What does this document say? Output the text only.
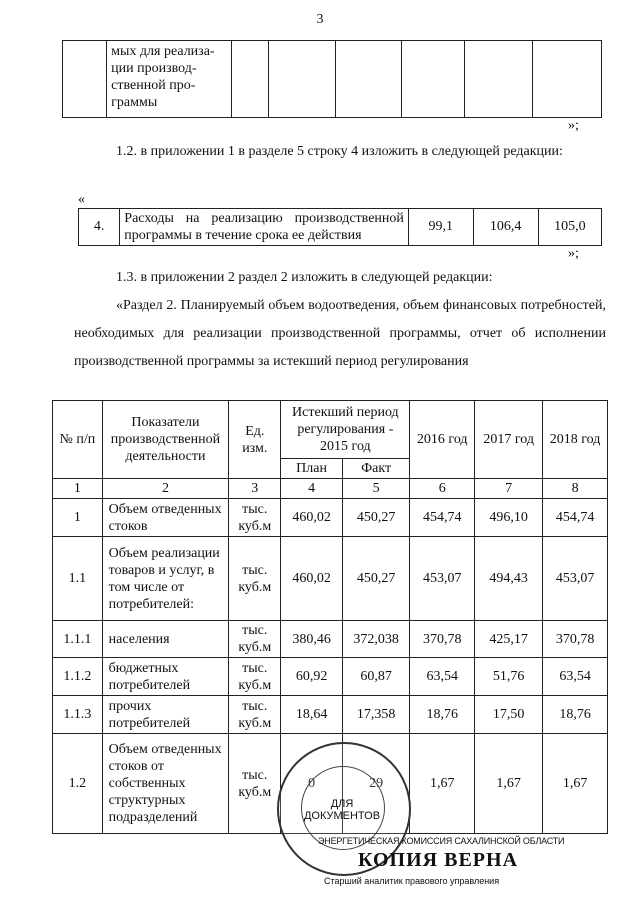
3
	мых для реализа-ции производ-ственной про-граммы						
»;

1.2. в приложении 1 в разделе 5 строку 4 изложить в следующей редакции:

«
4.	Расходы на реализацию производственной программы в течение срока ее действия	99,1	106,4	105,0
»;

1.3. в приложении 2 раздел 2 изложить в следующей редакции:

«Раздел 2. Планируемый объем водоотведения, объем финансовых потребностей, необходимых для реализации производственной программы, отчет об исполнении производственной программы за истекший период регулирования

№ п/п	Показатели производственной деятельности	Ед. изм.	Истекший период регулирования - 2015 год		2016 год	2017 год	2018 год
			План	Факт			
1	2	3	4	5	6	7	8
1	Объем отведенных стоков	тыс. куб.м	460,02	450,27	454,74	496,10	454,74
1.1	Объем реализации товаров и услуг, в том числе от потребителей:	тыс. куб.м	460,02	450,27	453,07	494,43	453,07
1.1.1	населения	тыс. куб.м	380,46	372,038	370,78	425,17	370,78
1.1.2	бюджетных потребителей	тыс. куб.м	60,92	60,87	63,54	51,76	63,54
1.1.3	прочих потребителей	тыс. куб.м	18,64	17,358	18,76	17,50	18,76
1.2	Объем отведенных стоков от собственных структурных подразделений	тыс. куб.м	0	29	1,67	1,67	1,67
ДЛЯ
ДОКУМЕНТОВ
ЭНЕРГЕТИЧЕСКАЯ КОМИССИЯ САХАЛИНСКОЙ ОБЛАСТИ
КОПИЯ ВЕРНА
Старший аналитик правового управления
